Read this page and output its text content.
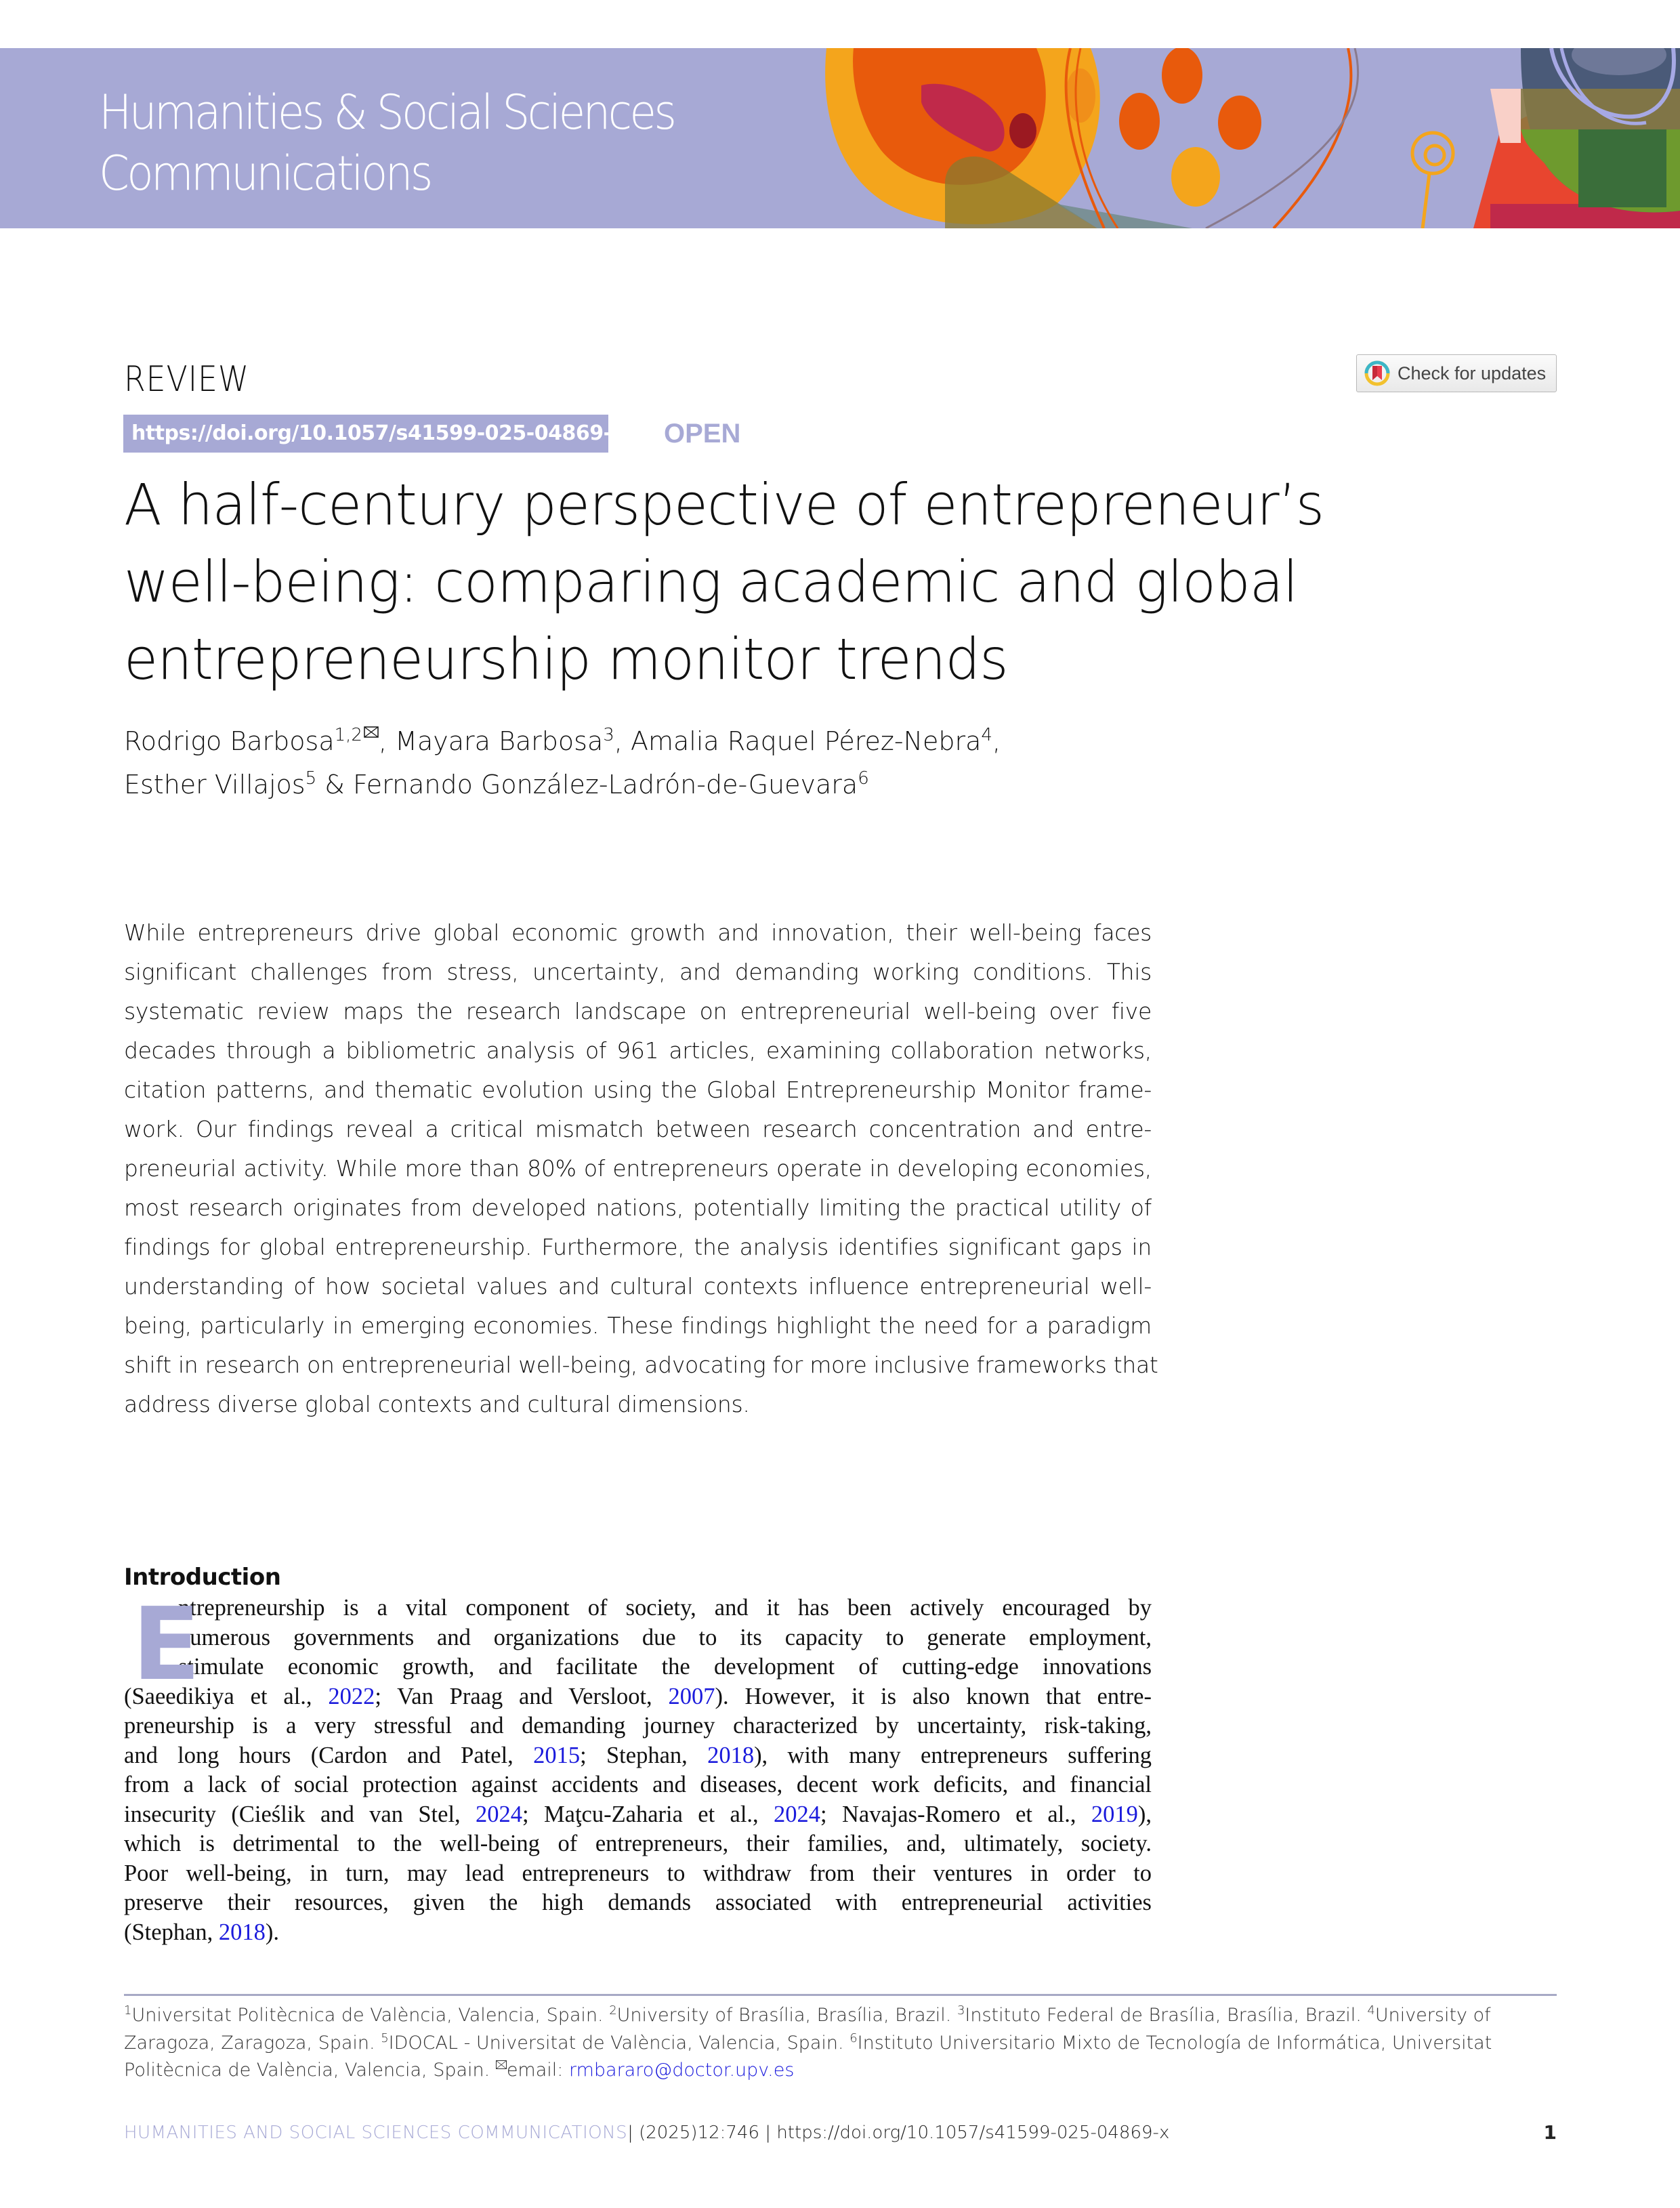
Humanities & Social Sciences
Communications
REVIEW
https://doi.org/10.1057/s41599-025-04869-x OPEN
Check for updates
A half-century perspective of entrepreneur’s
well-being: comparing academic and global
entrepreneurship monitor trends
Rodrigo Barbosa$^{1,2}$ , Mayara Barbosa$^3$, Amalia Raquel Pérez-Nebra$^4$,
Esther Villajos$^5$ & Fernando González-Ladrón-de-Guevara$^6$
While entrepreneurs drive global economic growth and innovation, their well-being faces
significant challenges from stress, uncertainty, and demanding working conditions. This
systematic review maps the research landscape on entrepreneurial well-being over five
decades through a bibliometric analysis of 961 articles, examining collaboration networks,
citation patterns, and thematic evolution using the Global Entrepreneurship Monitor frame-
work. Our findings reveal a critical mismatch between research concentration and entre-
preneurial activity. While more than 80% of entrepreneurs operate in developing economies,
most research originates from developed nations, potentially limiting the practical utility of
findings for global entrepreneurship. Furthermore, the analysis identifies significant gaps in
understanding of how societal values and cultural contexts influence entrepreneurial well-
being, particularly in emerging economies. These findings highlight the need for a paradigm
shift in research on entrepreneurial well-being, advocating for more inclusive frameworks that
address diverse global contexts and cultural dimensions.
Introduction
E
ntrepreneurship is a vital component of society, and it has been actively encouraged by
numerous governments and organizations due to its capacity to generate employment,
stimulate economic growth, and facilitate the development of cutting-edge innovations
(Saeedikiya et al., 2022; Van Praag and Versloot, 2007). However, it is also known that entre-
preneurship is a very stressful and demanding journey characterized by uncertainty, risk-taking,
and long hours (Cardon and Patel, 2015; Stephan, 2018), with many entrepreneurs suffering
from a lack of social protection against accidents and diseases, decent work deficits, and financial
insecurity (Cieślik and van Stel, 2024; Maţcu-Zaharia et al., 2024; Navajas-Romero et al., 2019),
which is detrimental to the well-being of entrepreneurs, their families, and, ultimately, society.
Poor well-being, in turn, may lead entrepreneurs to withdraw from their ventures in order to
preserve their resources, given the high demands associated with entrepreneurial activities
(Stephan, 2018).
$^1$Universitat Politècnica de València, Valencia, Spain. $^2$University of Brasília, Brasília, Brazil. $^3$Instituto Federal de Brasília, Brasília, Brazil. $^4$University of
Zaragoza, Zaragoza, Spain. $^5$IDOCAL - Universitat de València, Valencia, Spain. $^6$Instituto Universitario Mixto de Tecnología de Informática, Universitat
Politècnica de València, Valencia, Spain. email: rmbararo@doctor.upv.es
HUMANITIES AND SOCIAL SCIENCES COMMUNICATIONS| (2025)12:746 | https://doi.org/10.1057/s41599-025-04869-x	1
